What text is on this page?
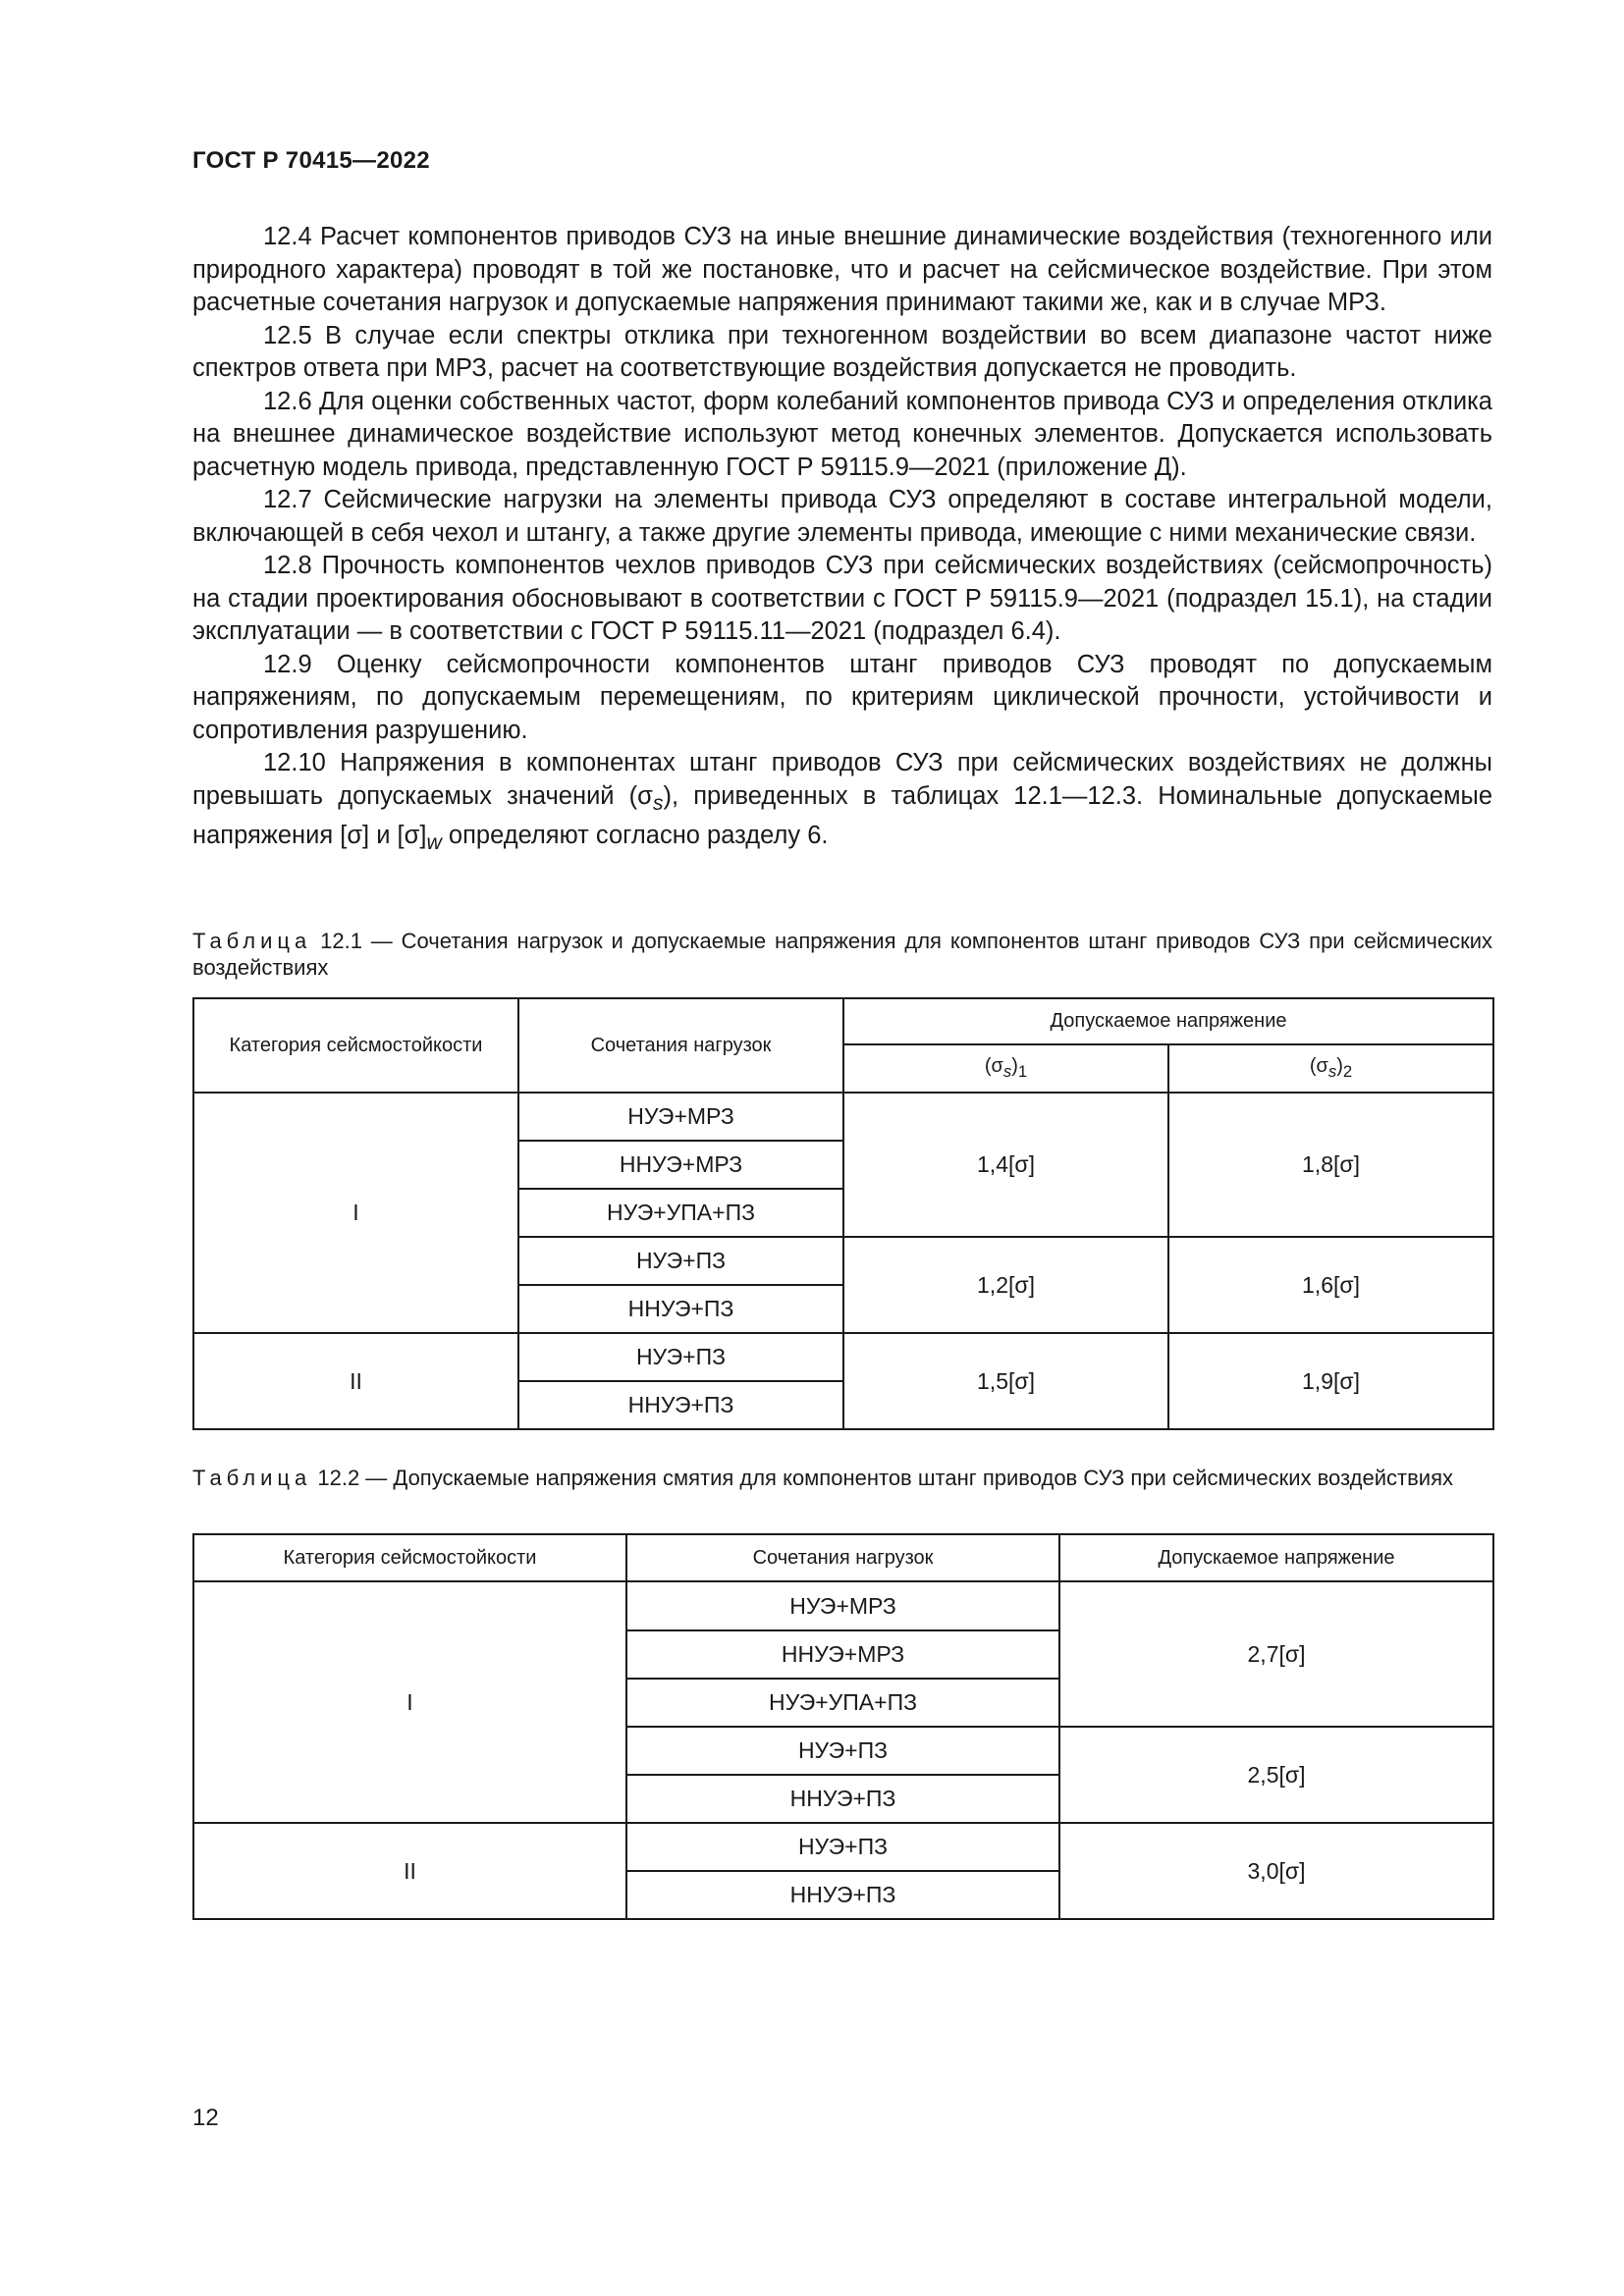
ГОСТ Р 70415—2022

12.4 Расчет компонентов приводов СУЗ на иные внешние динамические воздействия (техногенного или природного характера) проводят в той же постановке, что и расчет на сейсмическое воздействие. При этом расчетные сочетания нагрузок и допускаемые напряжения принимают такими же, как и в случае МРЗ.

12.5 В случае если спектры отклика при техногенном воздействии во всем диапазоне частот ниже спектров ответа при МРЗ, расчет на соответствующие воздействия допускается не проводить.

12.6 Для оценки собственных частот, форм колебаний компонентов привода СУЗ и определения отклика на внешнее динамическое воздействие используют метод конечных элементов. Допускается использовать расчетную модель привода, представленную ГОСТ Р 59115.9—2021 (приложение Д).

12.7 Сейсмические нагрузки на элементы привода СУЗ определяют в составе интегральной модели, включающей в себя чехол и штангу, а также другие элементы привода, имеющие с ними механические связи.

12.8 Прочность компонентов чехлов приводов СУЗ при сейсмических воздействиях (сейсмопрочность) на стадии проектирования обосновывают в соответствии с ГОСТ Р 59115.9—2021 (подраздел 15.1), на стадии эксплуатации — в соответствии с ГОСТ Р 59115.11—2021 (подраздел 6.4).

12.9 Оценку сейсмопрочности компонентов штанг приводов СУЗ проводят по допускаемым напряжениям, по допускаемым перемещениям, по критериям циклической прочности, устойчивости и сопротивления разрушению.

12.10 Напряжения в компонентах штанг приводов СУЗ при сейсмических воздействиях не должны превышать допускаемых значений $(\sigma_s)$, приведенных в таблицах 12.1—12.3. Номинальные допускаемые напряжения [σ] и $[\sigma]_w$ определяют согласно разделу 6.

Таблица 12.1 — Сочетания нагрузок и допускаемые напряжения для компонентов штанг приводов СУЗ при сейсмических воздействиях
Категория сейсмостойкости	Сочетания нагрузок	Допускаемое напряжение	
		$(\sigma_s)_1$	$(\sigma_s)_2$
I	НУЭ+МРЗ	1,4[σ]	1,8[σ]
	ННУЭ+МРЗ		
	НУЭ+УПА+ПЗ		
	НУЭ+ПЗ	1,2[σ]	1,6[σ]
	ННУЭ+ПЗ		
II	НУЭ+ПЗ	1,5[σ]	1,9[σ]
	ННУЭ+ПЗ		
Таблица 12.2 — Допускаемые напряжения смятия для компонентов штанг приводов СУЗ при сейсмических воздействиях
Категория сейсмостойкости	Сочетания нагрузок	Допускаемое напряжение
I	НУЭ+МРЗ	2,7[σ]
	ННУЭ+МРЗ	
	НУЭ+УПА+ПЗ	
	НУЭ+ПЗ	2,5[σ]
	ННУЭ+ПЗ	
II	НУЭ+ПЗ	3,0[σ]
	ННУЭ+ПЗ	
12
